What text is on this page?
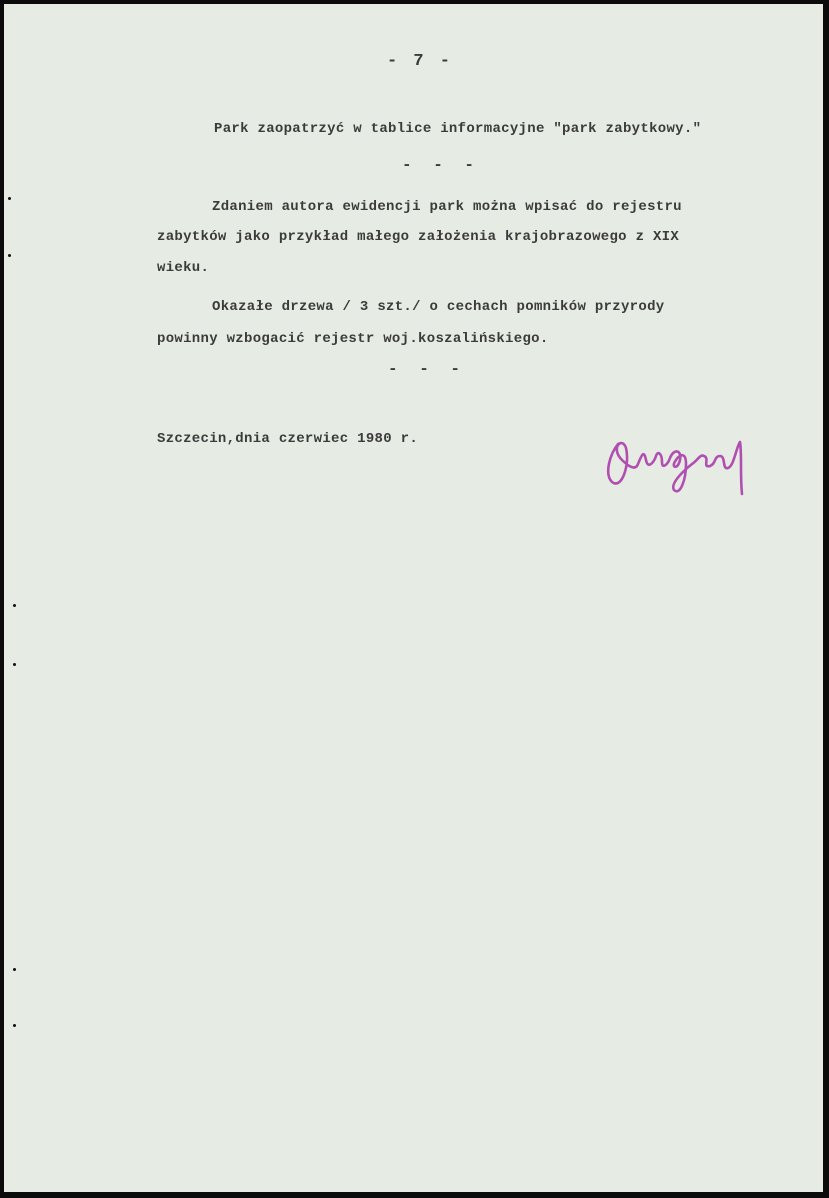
- 7 -

Park zaopatrzyć w tablice informacyjne "park zabytkowy."

- - -

Zdaniem autora ewidencji park można wpisać do rejestru

zabytków jako przykład małego założenia krajobrazowego z XIX

wieku.

Okazałe drzewa / 3 szt./ o cechach pomników przyrody

powinny wzbogacić rejestr woj.koszalińskiego.

- - -

Szczecin,dnia czerwiec 1980 r.
